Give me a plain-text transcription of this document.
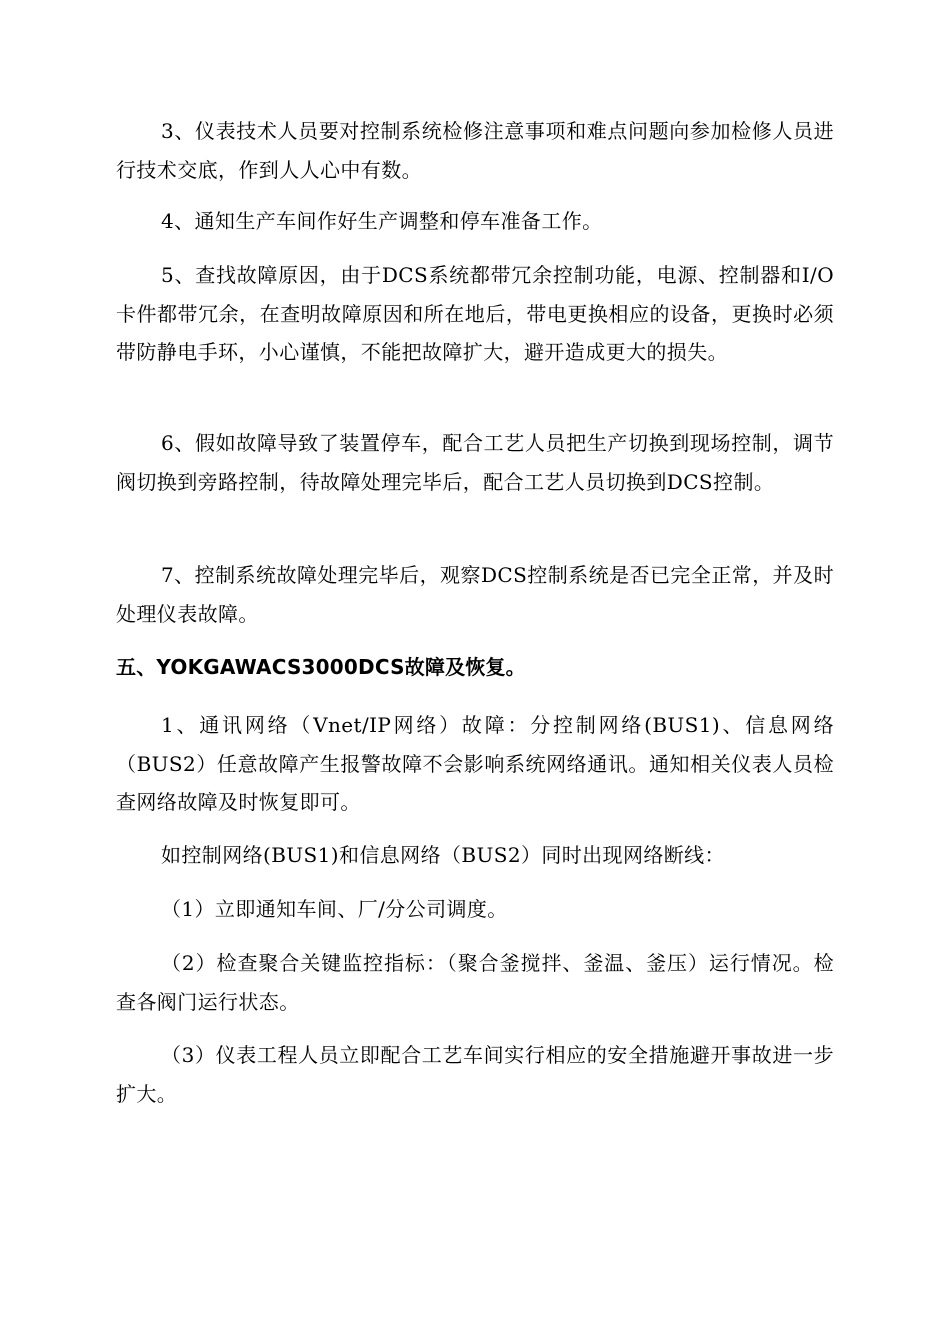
3、仪表技术人员要对控制系统检修注意事项和难点问题向参加检修人员进行技术交底，作到人人心中有数。

4、通知生产车间作好生产调整和停车准备工作。

5、查找故障原因，由于DCS系统都带冗余控制功能，电源、控制器和I/O卡件都带冗余，在查明故障原因和所在地后，带电更换相应的设备，更换时必须带防静电手环，小心谨慎，不能把故障扩大，避开造成更大的损失。

6、假如故障导致了装置停车，配合工艺人员把生产切换到现场控制，调节阀切换到旁路控制，待故障处理完毕后，配合工艺人员切换到DCS控制。

7、控制系统故障处理完毕后，观察DCS控制系统是否已完全正常，并及时处理仪表故障。

五、YOKGAWACS3000DCS故障及恢复。

1、通讯网络（Vnet/IP网络）故障：分控制网络(BUS1)、信息网络（BUS2）任意故障产生报警故障不会影响系统网络通讯。通知相关仪表人员检查网络故障及时恢复即可。

如控制网络(BUS1)和信息网络（BUS2）同时出现网络断线：

（1）立即通知车间、厂/分公司调度。

（2）检查聚合关键监控指标：（聚合釜搅拌、釜温、釜压）运行情况。检查各阀门运行状态。

（3）仪表工程人员立即配合工艺车间实行相应的安全措施避开事故进一步扩大。
